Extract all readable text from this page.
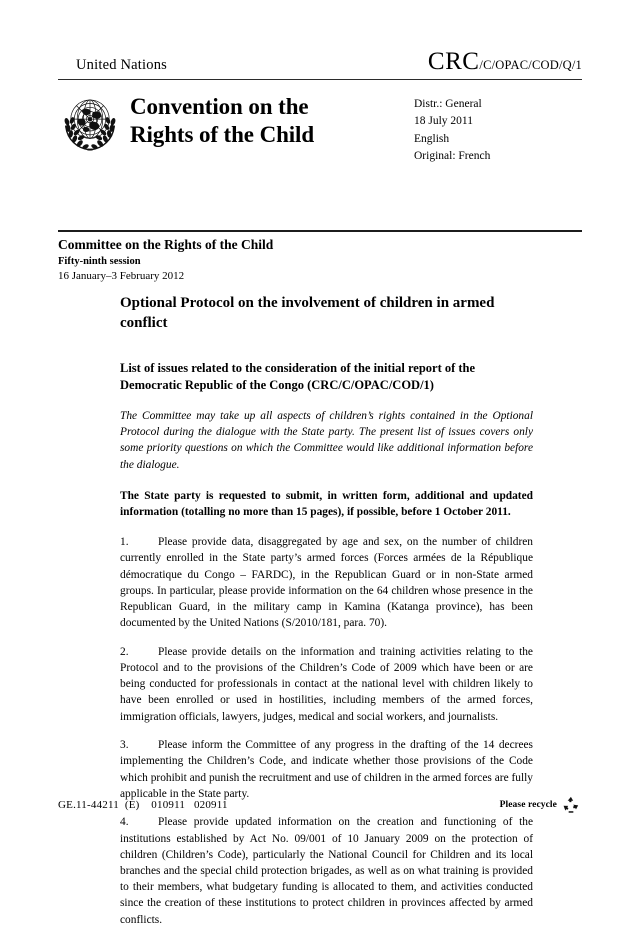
United Nations	CRC/C/OPAC/COD/Q/1
Convention on the
Rights of the Child
Distr.: General
18 July 2011
English
Original: French
Committee on the Rights of the Child
Fifty-ninth session
16 January–3 February 2012
Optional Protocol on the involvement of children in armed conflict
List of issues related to the consideration of the initial report of the Democratic Republic of the Congo (CRC/C/OPAC/COD/1)

The Committee may take up all aspects of children’s rights contained in the Optional Protocol during the dialogue with the State party. The present list of issues covers only some priority questions on which the Committee would like additional information before the dialogue.

The State party is requested to submit, in written form, additional and updated information (totalling no more than 15 pages), if possible, before 1 October 2011.

1.	Please provide data, disaggregated by age and sex, on the number of children currently enrolled in the State party’s armed forces (Forces armées de la République démocratique du Congo – FARDC), in the Republican Guard or in non-State armed groups. In particular, please provide information on the 64 children whose presence in the Republican Guard, in the military camp in Kamina (Katanga province), has been documented by the United Nations (S/2010/181, para. 70).

2.	Please provide details on the information and training activities relating to the Protocol and to the provisions of the Children’s Code of 2009 which have been or are being conducted for professionals in contact at the national level with children likely to have been enrolled or used in hostilities, including members of the armed forces, immigration officials, lawyers, judges, medical and social workers, and journalists.

3.	Please inform the Committee of any progress in the drafting of the 14 decrees implementing the Children’s Code, and indicate whether those provisions of the Code which prohibit and punish the recruitment and use of children in the armed forces are fully applicable in the State party.

4.	Please provide updated information on the creation and functioning of the institutions established by Act No. 09/001 of 10 January 2009 on the protection of children (Children’s Code), particularly the National Council for Children and its local branches and the special child protection brigades, as well as on what training is provided to their members, what budgetary funding is allocated to them, and activities conducted since the creation of these institutions to protect children in provinces affected by armed conflicts.

GE.11-44211  (E)    010911   020911	Please recycle
